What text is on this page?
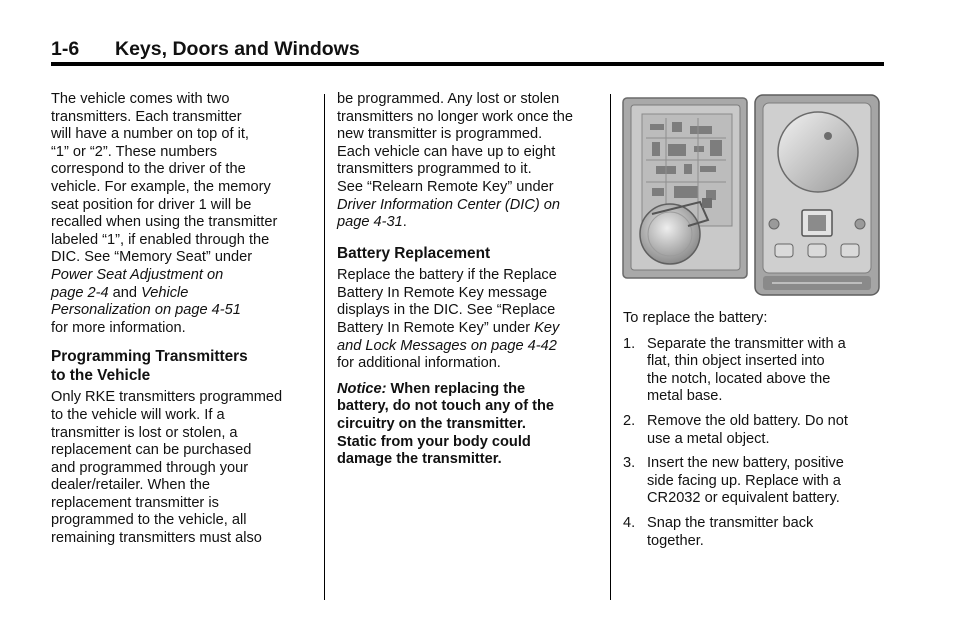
1-6 Keys, Doors and Windows

The vehicle comes with two
transmitters. Each transmitter
will have a number on top of it,
“1” or “2”. These numbers
correspond to the driver of the
vehicle. For example, the memory
seat position for driver 1 will be
recalled when using the transmitter
labeled “1”, if enabled through the
DIC. See “Memory Seat” under
Power Seat Adjustment on
page 2-4 and Vehicle
Personalization on page 4-51
for more information.

Programming Transmitters
to the Vehicle

Only RKE transmitters programmed
to the vehicle will work. If a
transmitter is lost or stolen, a
replacement can be purchased
and programmed through your
dealer/retailer. When the
replacement transmitter is
programmed to the vehicle, all
remaining transmitters must also

be programmed. Any lost or stolen
transmitters no longer work once the
new transmitter is programmed.
Each vehicle can have up to eight
transmitters programmed to it.
See “Relearn Remote Key” under
Driver Information Center (DIC) on
page 4-31.

Battery Replacement

Replace the battery if the Replace
Battery In Remote Key message
displays in the DIC. See “Replace
Battery In Remote Key” under Key
and Lock Messages on page 4-42
for additional information.

Notice: When replacing the
battery, do not touch any of the
circuitry on the transmitter.
Static from your body could
damage the transmitter.

To replace the battery:

1. Separate the transmitter with a
flat, thin object inserted into
the notch, located above the
metal base.
2. Remove the old battery. Do not
use a metal object.
3. Insert the new battery, positive
side facing up. Replace with a
CR2032 or equivalent battery.
4. Snap the transmitter back
together.
